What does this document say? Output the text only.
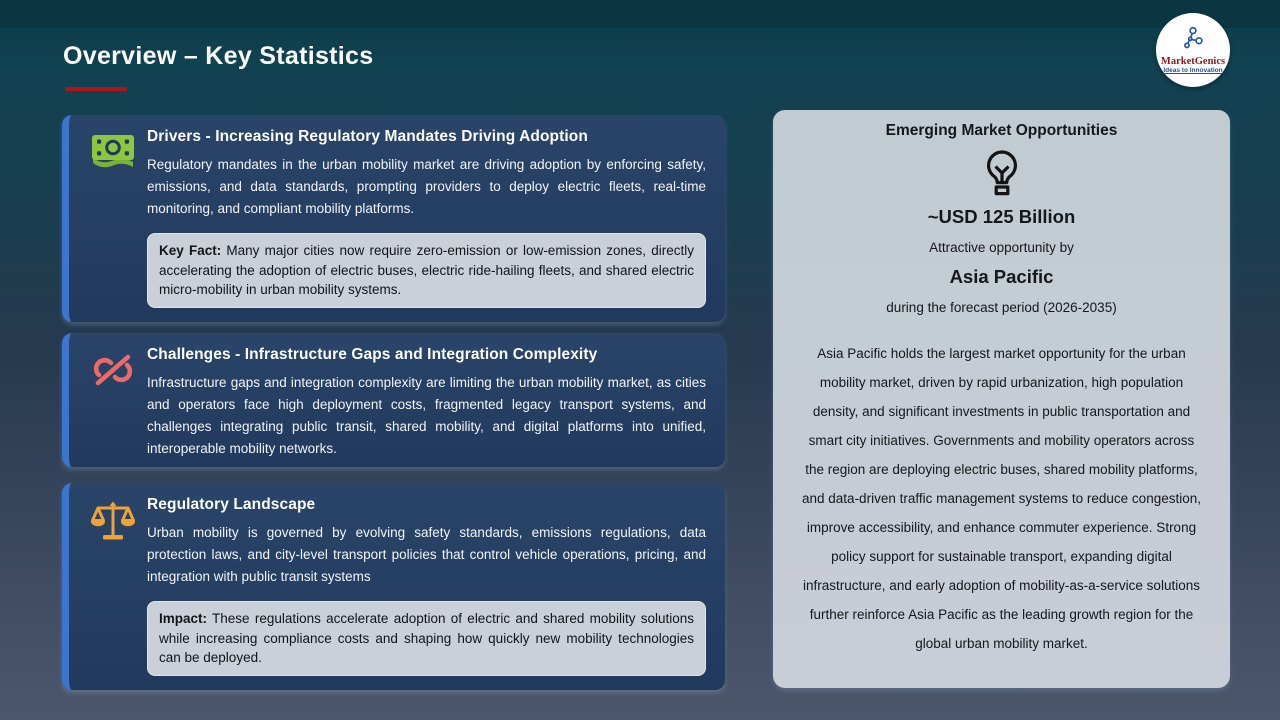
Overview – Key Statistics	MarketGenics
Ideas to Innovation
Drivers - Increasing Regulatory Mandates Driving Adoption
Regulatory mandates in the urban mobility market are driving adoption by enforcing safety, emissions, and data standards, prompting providers to deploy electric fleets, real-time monitoring, and compliant mobility platforms.
Key Fact: Many major cities now require zero-emission or low-emission zones, directly accelerating the adoption of electric buses, electric ride-hailing fleets, and shared electric micro-mobility in urban mobility systems.
Challenges - Infrastructure Gaps and Integration Complexity
Infrastructure gaps and integration complexity are limiting the urban mobility market, as cities and operators face high deployment costs, fragmented legacy transport systems, and challenges integrating public transit, shared mobility, and digital platforms into unified, interoperable mobility networks.
Regulatory Landscape
Urban mobility is governed by evolving safety standards, emissions regulations, data protection laws, and city-level transport policies that control vehicle operations, pricing, and integration with public transit systems
Impact: These regulations accelerate adoption of electric and shared mobility solutions while increasing compliance costs and shaping how quickly new mobility technologies can be deployed.
Emerging Market Opportunities
~USD 125 Billion
Attractive opportunity by
Asia Pacific
during the forecast period (2026-2035)
Asia Pacific holds the largest market opportunity for the urban mobility market, driven by rapid urbanization, high population density, and significant investments in public transportation and smart city initiatives. Governments and mobility operators across the region are deploying electric buses, shared mobility platforms, and data-driven traffic management systems to reduce congestion, improve accessibility, and enhance commuter experience. Strong policy support for sustainable transport, expanding digital infrastructure, and early adoption of mobility-as-a-service solutions further reinforce Asia Pacific as the leading growth region for the global urban mobility market.
